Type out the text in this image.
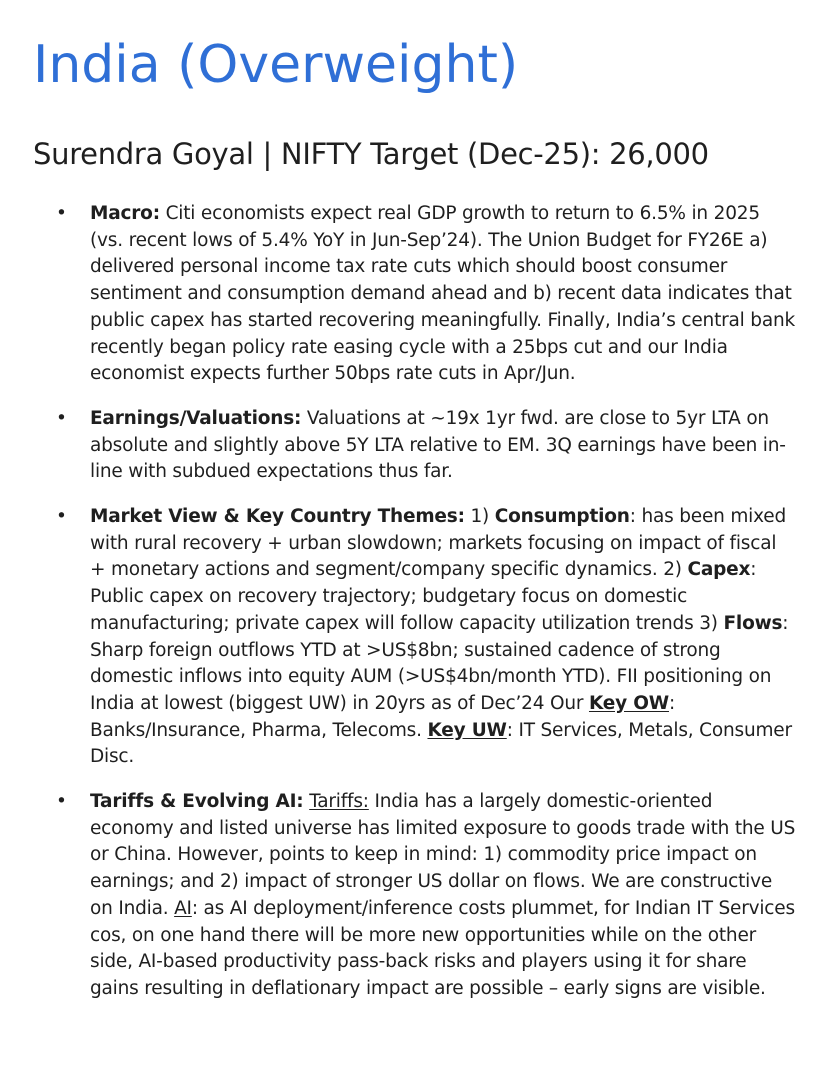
India (Overweight)
Surendra Goyal | NIFTY Target (Dec-25): 26,000
•	Macro: Citi economists expect real GDP growth to return to 6.5% in 2025 (vs. recent lows of 5.4% YoY in Jun-Sep’24). The Union Budget for FY26E a) delivered personal income tax rate cuts which should boost consumer sentiment and consumption demand ahead and b) recent data indicates that public capex has started recovering meaningfully. Finally, India’s central bank recently began policy rate easing cycle with a 25bps cut and our India economist expects further 50bps rate cuts in Apr/Jun.
•	Earnings/Valuations: Valuations at ~19x 1yr fwd. are close to 5yr LTA on absolute and slightly above 5Y LTA relative to EM. 3Q earnings have been in-line with subdued expectations thus far.
•	Market View & Key Country Themes: 1) Consumption: has been mixed with rural recovery + urban slowdown; markets focusing on impact of fiscal + monetary actions and segment/company specific dynamics. 2) Capex: Public capex on recovery trajectory; budgetary focus on domestic manufacturing; private capex will follow capacity utilization trends 3) Flows: Sharp foreign outflows YTD at >US$8bn; sustained cadence of strong domestic inflows into equity AUM (>US$4bn/month YTD). FII positioning on India at lowest (biggest UW) in 20yrs as of Dec’24 Our Key OW: Banks/Insurance, Pharma, Telecoms. Key UW: IT Services, Metals, Consumer Disc.
•	Tariffs & Evolving AI: Tariffs: India has a largely domestic-oriented economy and listed universe has limited exposure to goods trade with the US or China. However, points to keep in mind: 1) commodity price impact on earnings; and 2) impact of stronger US dollar on flows. We are constructive on India. AI: as AI deployment/inference costs plummet, for Indian IT Services cos, on one hand there will be more new opportunities while on the other side, AI-based productivity pass-back risks and players using it for share gains resulting in deflationary impact are possible – early signs are visible.
